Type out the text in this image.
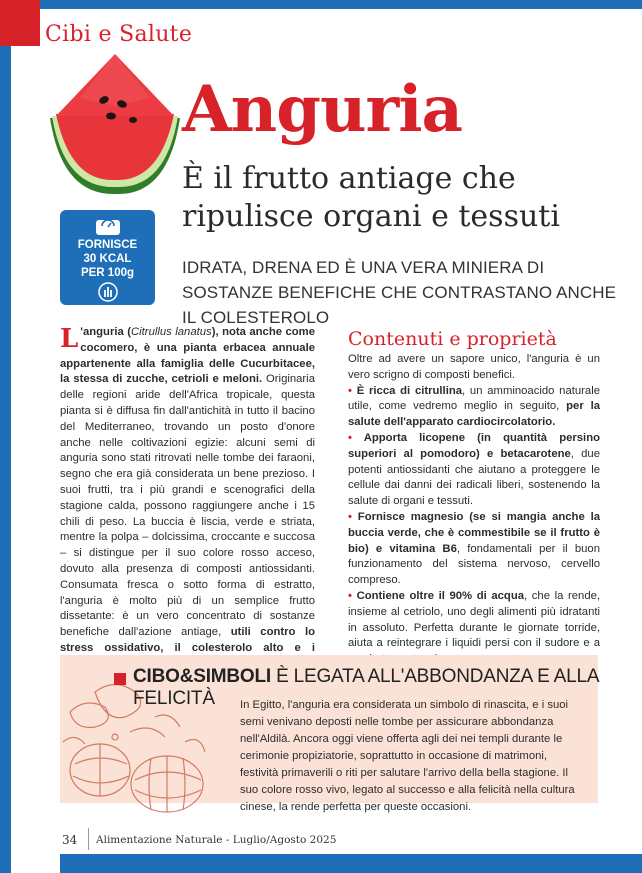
Cibi e Salute
Anguria
È il frutto antiage che ripulisce organi e tessuti
FORNISCE
30 KCAL
PER 100g	IDRATA, DRENA ED È UNA VERA MINIERA DI SOSTANZE BENEFICHE CHE CONTRASTANO ANCHE IL COLESTEROLO
L 'anguria (Citrullus lanatus), nota anche come cocomero, è una pianta erbacea annuale appartenente alla famiglia delle Cucurbitacee, la stessa di zucche, cetrioli e meloni. Originaria delle regioni aride dell'Africa tropicale, questa pianta si è diffusa fin dall'antichità in tutto il bacino del Mediterraneo, trovando un posto d'onore anche nelle coltivazioni egizie: alcuni semi di anguria sono stati ritrovati nelle tombe dei faraoni, segno che era già considerata un bene prezioso. I suoi frutti, tra i più grandi e scenografici della stagione calda, possono raggiungere anche i 15 chili di peso. La buccia è liscia, verde e striata, mentre la polpa – dolcissima, croccante e succosa – si distingue per il suo colore rosso acceso, dovuto alla presenza di composti antiossidanti. Consumata fresca o sotto forma di estratto, l'anguria è molto più di un semplice frutto dissetante: è un vero concentrato di sostanze benefiche dall'azione antiage, utili contro lo stress ossidativo, il colesterolo alto e i
Contenuti e proprietà

Oltre ad avere un sapore unico, l'anguria è un vero scrigno di composti benefici.

• È ricca di citrullina, un amminoacido naturale utile, come vedremo meglio in seguito, per la salute dell'apparato cardiocircolatorio.

• Apporta licopene (in quantità persino superiori al pomodoro) e betacarotene, due potenti antiossidanti che aiutano a proteggere le cellule dai danni dei radicali liberi, sostenendo la salute di organi e tessuti.

• Fornisce magnesio (se si mangia anche la buccia verde, che è commestibile se il frutto è bio) e vitamina B6, fondamentali per il buon funzionamento del sistema nervoso, cervello compreso.

• Contiene oltre il 90% di acqua, che la rende, insieme al cetriolo, uno degli alimenti più idratanti in assoluto. Perfetta durante le giornate torride, aiuta a reintegrare i liquidi persi con il sudore e a

CIBO&SIMBOLI È LEGATA ALL'ABBONDANZA E ALLA FELICITÀ	In Egitto, l'anguria era considerata un simbolo di rinascita, e i suoi semi venivano deposti nelle tombe per assicurare abbondanza nell'Aldilà. Ancora oggi viene offerta agli dei nei templi durante le cerimonie propiziatorie, soprattutto in occasione di matrimoni, festività primaverili o riti per salutare l'arrivo della bella stagione. Il suo colore rosso vivo, legato al successo e alla felicità nella cultura cinese, la rende perfetta per queste occasioni.
34 Alimentazione Naturale - Luglio/Agosto 2025
